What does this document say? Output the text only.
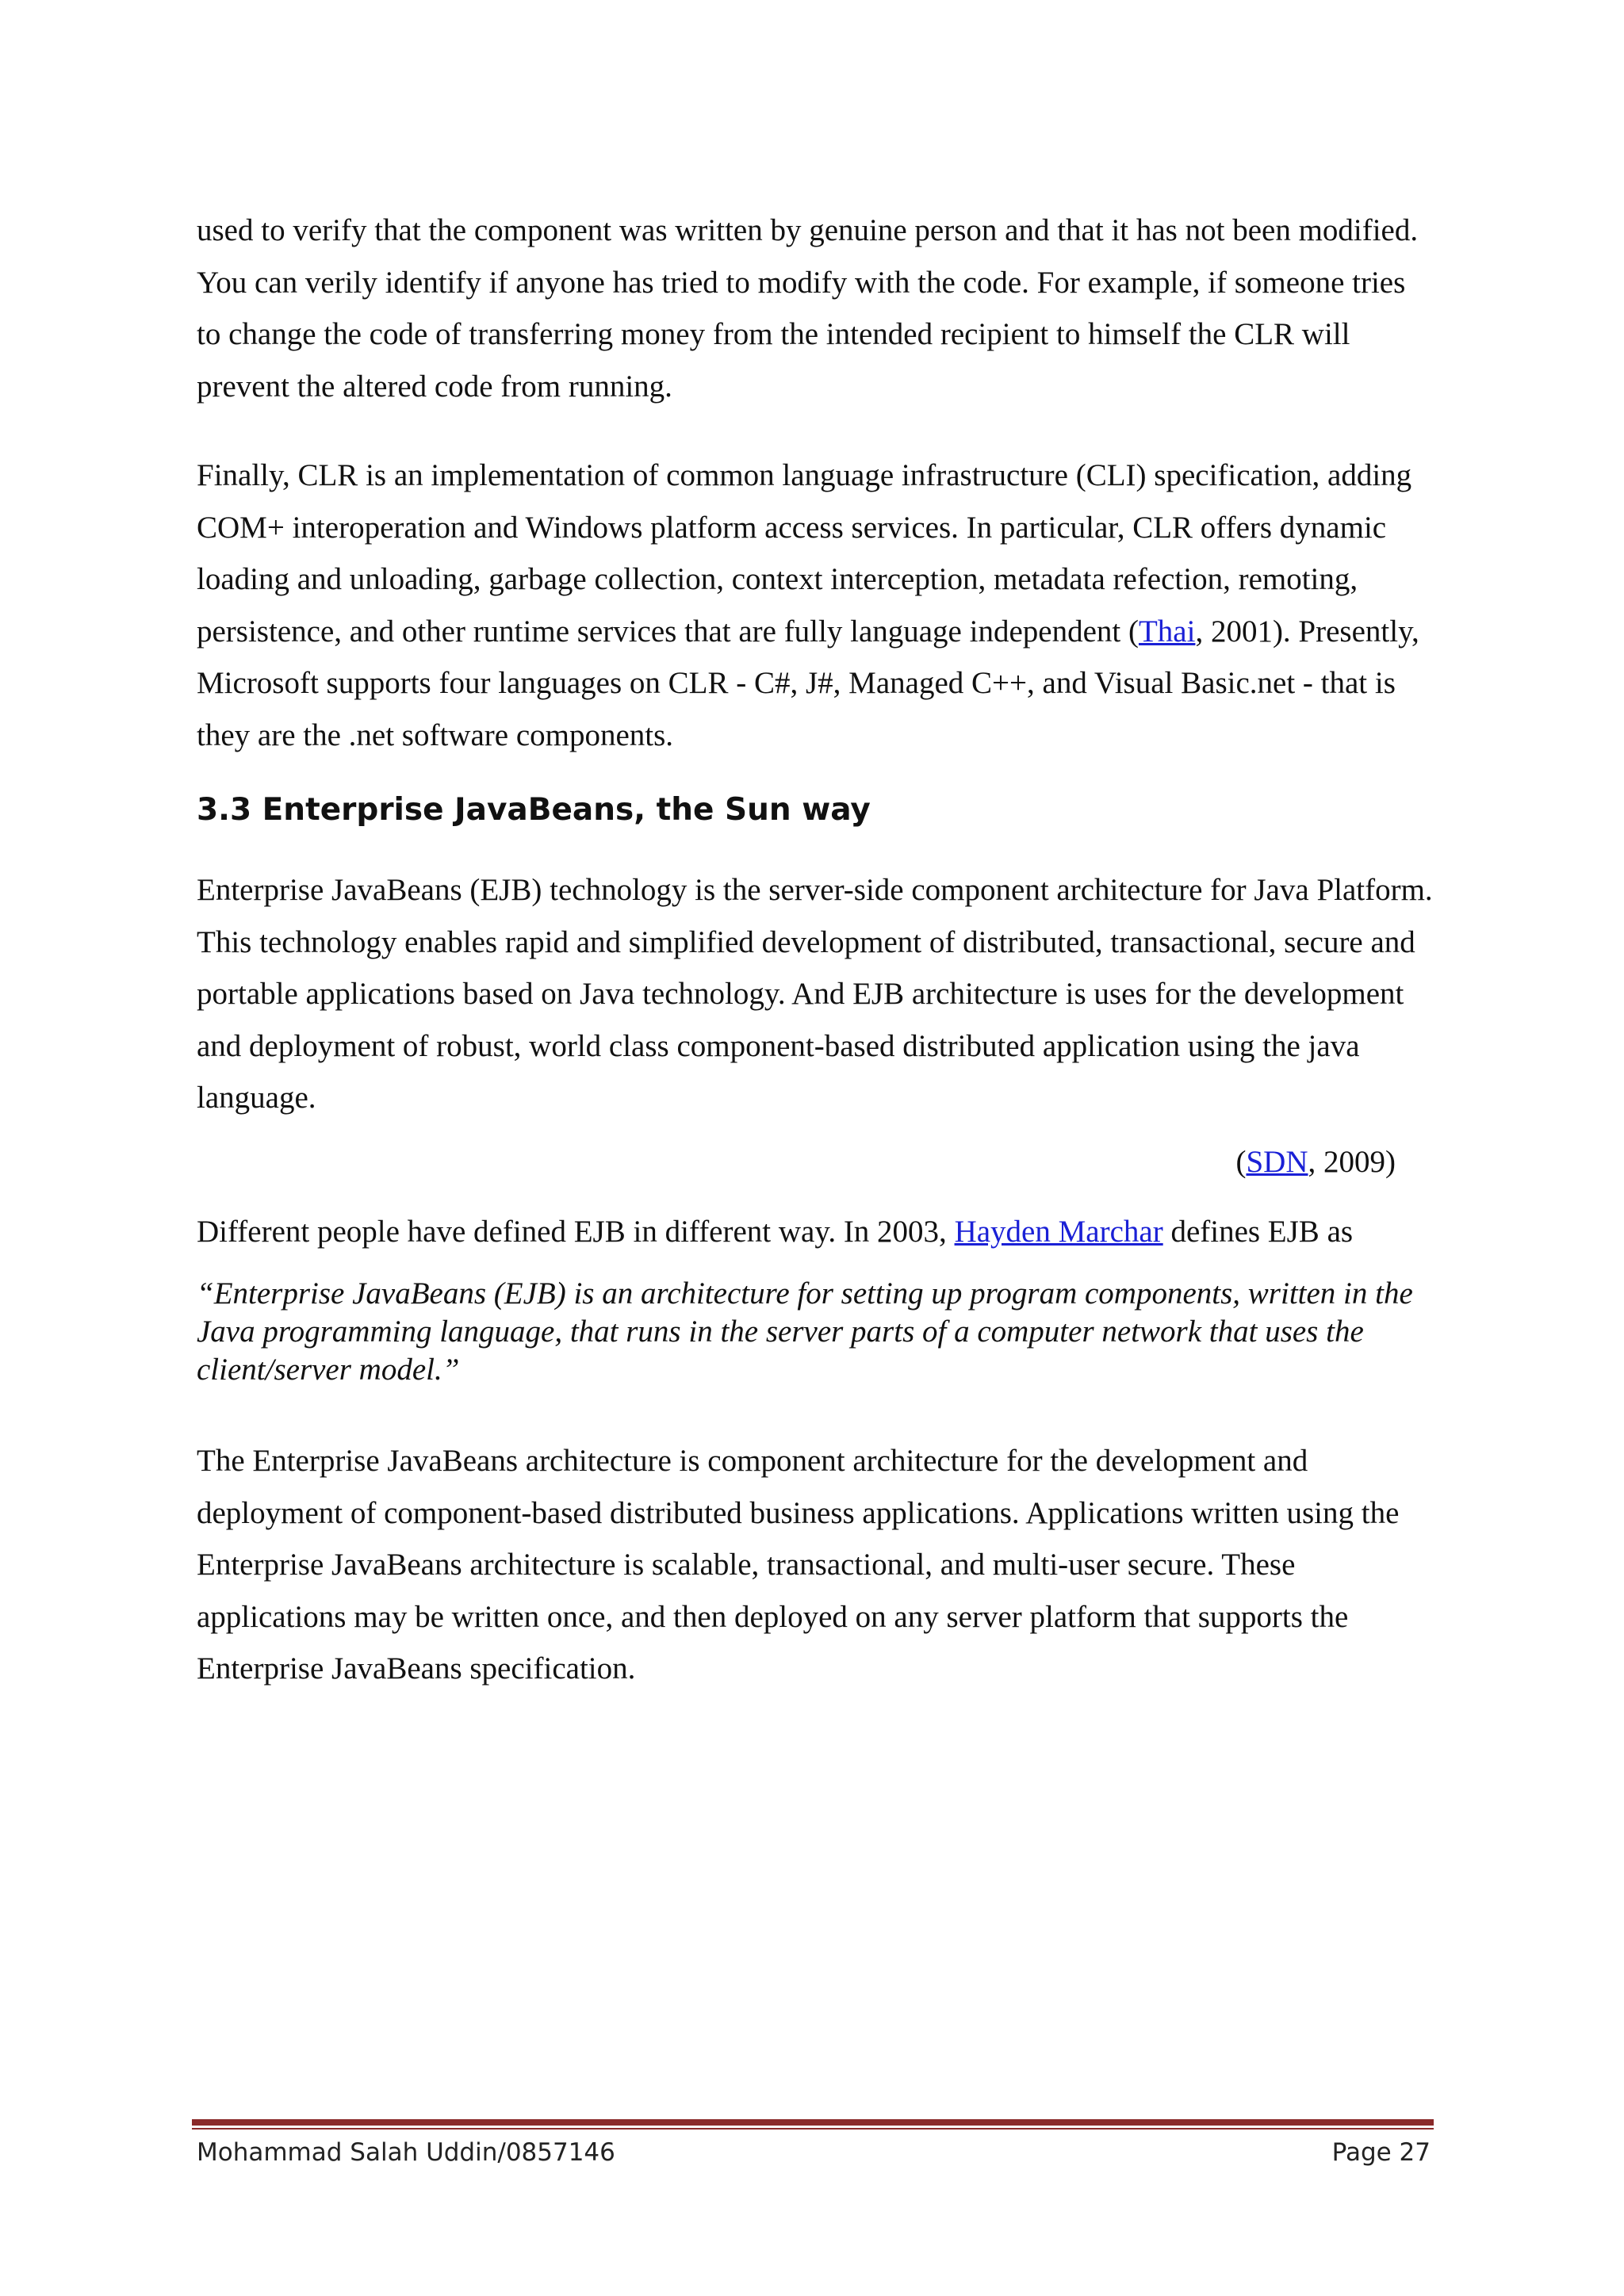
used to verify that the component was written by genuine person and that it has not been modified. You can verily identify if anyone has tried to modify with the code. For example, if someone tries to change the code of transferring money from the intended recipient to himself the CLR will prevent the altered code from running.

Finally, CLR is an implementation of common language infrastructure (CLI) specification, adding COM+ interoperation and Windows platform access services. In particular, CLR offers dynamic loading and unloading, garbage collection, context interception, metadata refection, remoting, persistence, and other runtime services that are fully language independent (Thai, 2001). Presently, Microsoft supports four languages on CLR - C#, J#, Managed C++, and Visual Basic.net - that is they are the .net software components.

3.3 Enterprise JavaBeans, the Sun way

Enterprise JavaBeans (EJB) technology is the server-side component architecture for Java Platform. This technology enables rapid and simplified development of distributed, transactional, secure and portable applications based on Java technology. And EJB architecture is uses for the development and deployment of robust, world class component-based distributed application using the java language.

(SDN, 2009)

Different people have defined EJB in different way. In 2003, Hayden Marchar defines EJB as

“Enterprise JavaBeans (EJB) is an architecture for setting up program components, written in the Java programming language, that runs in the server parts of a computer network that uses the client/server model.”

The Enterprise JavaBeans architecture is component architecture for the development and deployment of component-based distributed business applications. Applications written using the Enterprise JavaBeans architecture is scalable, transactional, and multi-user secure. These applications may be written once, and then deployed on any server platform that supports the Enterprise JavaBeans specification.

Mohammad Salah Uddin/0857146	Page 27
